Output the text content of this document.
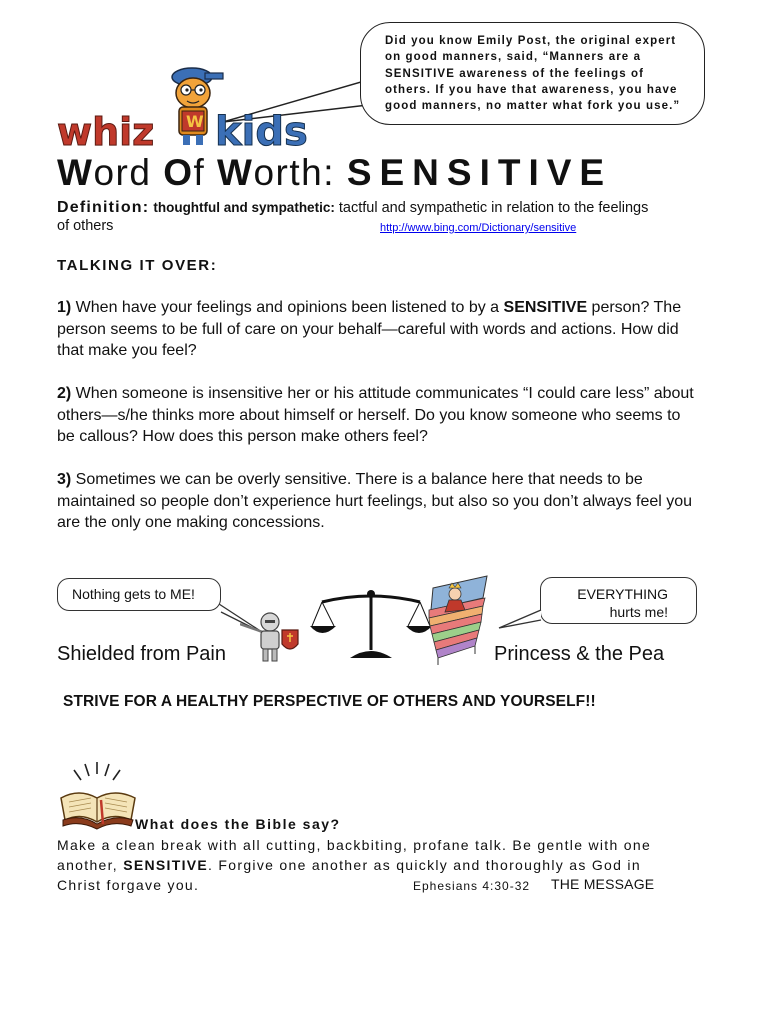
Did you know Emily Post, the original expert
on good manners, said, “Manners are a
SENSITIVE awareness of the feelings of
others. If you have that awareness, you have
good manners, no matter what fork you use.”
W
whiz kids
Word Of Worth: SENSITIVE
Definition: thoughtful and sympathetic: tactful and sympathetic in relation to the feelings
of others	http://www.bing.com/Dictionary/sensitive
TALKING IT OVER:
1) When have your feelings and opinions been listened to by a SENSITIVE person? The person seems to be full of care on your behalf—careful with words and actions. How did that make you feel?
2) When someone is insensitive her or his attitude communicates “I could care less” about others—s/he thinks more about himself or herself. Do you know someone who seems to be callous? How does this person make others feel?
3) Sometimes we can be overly sensitive. There is a balance here that needs to be maintained so people don’t experience hurt feelings, but also so you don’t always feel you are the only one making concessions.
Nothing gets to ME!	EVERYTHING
hurts me!
Shielded from Pain	Princess & the Pea
STRIVE FOR A HEALTHY PERSPECTIVE OF OTHERS AND YOURSELF!!
What does the Bible say?
Make a clean break with all cutting, backbiting, profane talk. Be gentle with one another, SENSITIVE. Forgive one another as quickly and thoroughly as God in Christ forgave you.	Ephesians 4:30-32 THE MESSAGE
